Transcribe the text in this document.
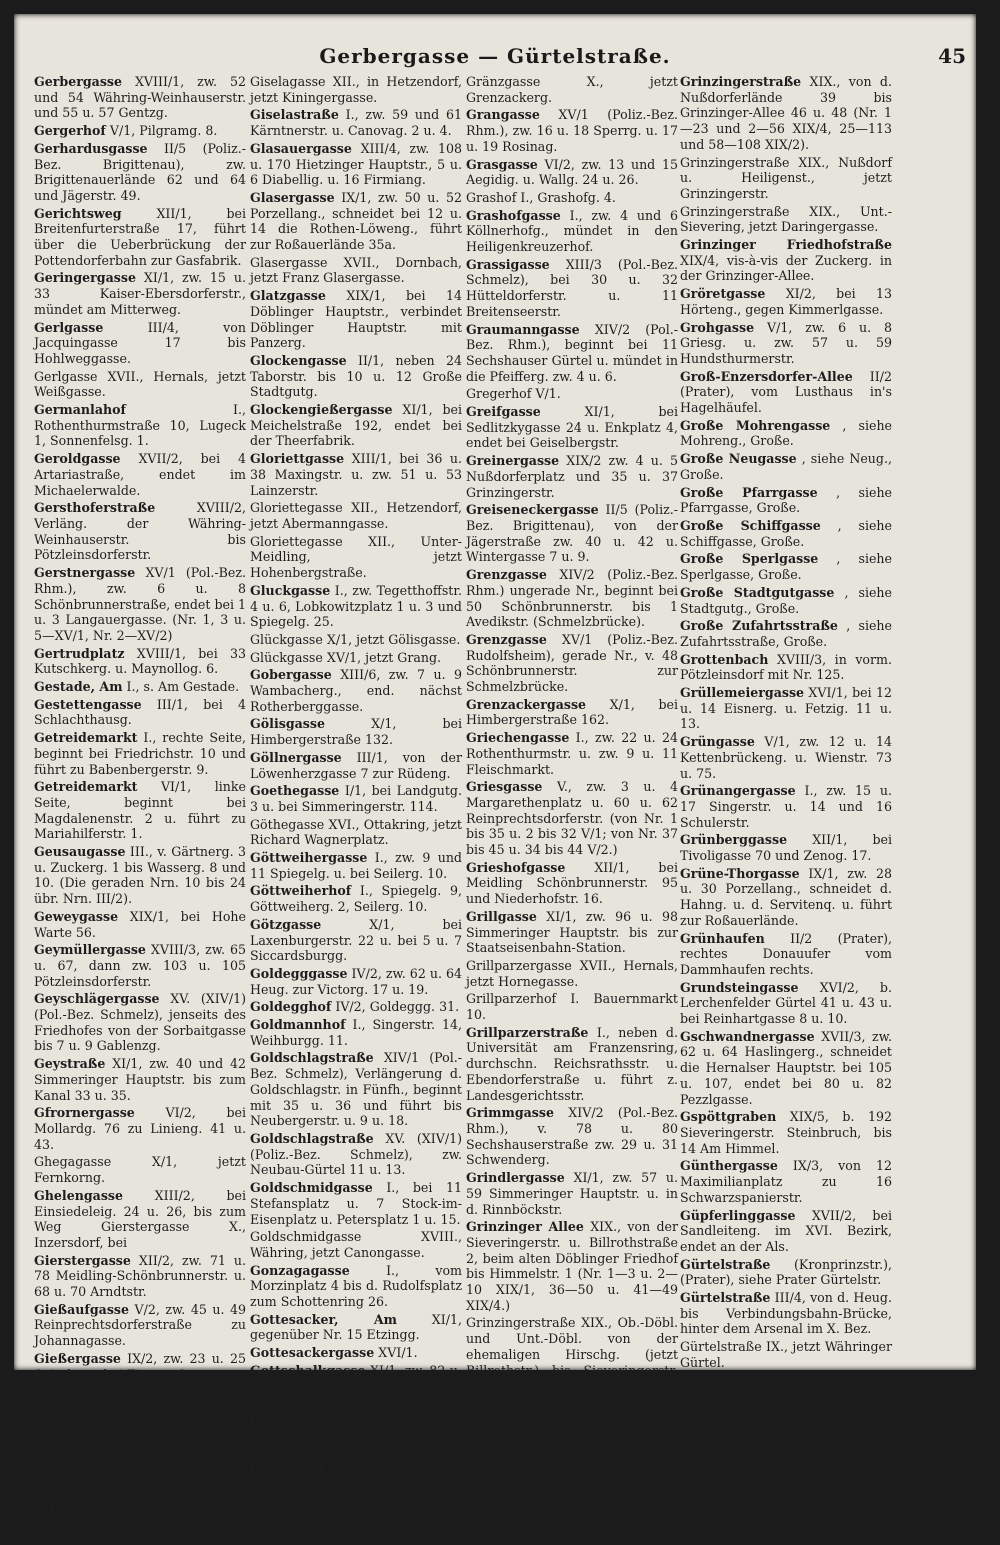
Gerbergasse — Gürtelstraße.	45
Gerbergasse XVIII/1, zw. 52 und 54 Währing-Weinhauserstr. und 55 u. 57 Gentzg.
Gergerhof V/1, Pilgramg. 8.
Gerhardusgasse II/5 (Poliz.-Bez. Brigittenau), zw. Brigittenauerlände 62 und 64 und Jägerstr. 49.
Gerichtsweg	XII/1, bei Breitenfurterstraße 17, führt über die Ueberbrückung der Pottendorferbahn zur Gasfabrik.
Geringergasse XI/1, zw. 15 u. 33 Kaiser-Ebersdorferstr., mündet am Mitterweg.
Gerlgasse	III/4, von Jacquingasse 17 bis Hohlweggasse.
Gerlgasse XVII., Hernals, jetzt Weißgasse.
Germanlahof	I., Rothenthurmstraße 10, Lugeck 1, Sonnenfelsg. 1.
Geroldgasse XVII/2, bei 4 Artariastraße, endet im Michaelerwalde.
Gersthoferstraße	XVIII/2, Verläng. der Währing-Weinhauserstr. bis Pötzleinsdorferstr.
Gerstnergasse XV/1 (Pol.-Bez. Rhm.), zw. 6 u. 8 Schönbrunnerstraße, endet bei 1 u. 3 Langauergasse. (Nr. 1, 3 u. 5—XV/1, Nr. 2—XV/2)
Gertrudplatz XVIII/1, bei 33 Kutschkerg. u. Maynollog. 6.
Gestade, Am I., s. Am Gestade.
Gestettengasse III/1, bei 4 Schlachthausg.
Getreidemarkt I., rechte Seite, beginnt bei Friedrichstr. 10 und führt zu Babenbergerstr. 9.
Getreidemarkt VI/1, linke Seite, beginnt bei Magdalenenstr. 2 u. führt zu Mariahilferstr. 1.
Geusaugasse III., v. Gärtnerg. 3 u. Zuckerg. 1 bis Wasserg. 8 und 10. (Die geraden Nrn. 10 bis 24 übr. Nrn. III/2).
Geweygasse XIX/1, bei Hohe Warte 56.
Geymüllergasse XVIII/3, zw. 65 u. 67, dann zw. 103 u. 105 Pötzleinsdorferstr.
Geyschlägergasse XV. (XIV/1) (Pol.-Bez. Schmelz), jenseits des Friedhofes von der Sorbaitgasse bis 7 u. 9 Gablenzg.
Geystraße XI/1, zw. 40 und 42 Simmeringer Hauptstr. bis zum Kanal 33 u. 35.
Gfrornergasse VI/2, bei Mollardg. 76 zu Linieng. 41 u. 43.
Ghegagasse	X/1, jetzt Fernkorng.
Ghelengasse	XIII/2, bei Einsiedeleig. 24 u. 26, bis zum Weg Gierstergasse X., Inzersdorf, bei
Gierstergasse XII/2, zw. 71 u. 78 Meidling-Schönbrunnerstr. u. 68 u. 70 Arndtstr.
Gießaufgasse V/2, zw. 45 u. 49 Reinprechtsdorferstraße zu Johannagasse.
Gießergasse IX/2, zw. 23 u. 25 Spitalg. u. bei Eiseng. 2.
Gießmannsgasse II/5 (Poliz.-Bez. Brigittenau), zw. Heistergasse u. Rauscherstr. zur Wallensteinstr. und Straußg. 4 u. 6.
Gilmgasse XVII/3, bei 160 Hernalser Hauptstr.
Girzenberggasse XIII/7, bei Angermayerg. 1 u. 2 bis Einsiedeleig. 43.
Giselagasse XII., in Hetzendorf, jetzt Kiningergasse.
Giselastraße I., zw. 59 und 61 Kärntnerstr. u. Canovag. 2 u. 4.
Glasauergasse XIII/4, zw. 108 u. 170 Hietzinger Hauptstr., 5 u. 6 Diabellig. u. 16 Firmiang.
Glasergasse IX/1, zw. 50 u. 52 Porzellang., schneidet bei 12 u. 14 die Rothen-Löweng., führt zur Roßauerlände 35a.
Glasergasse XVII., Dornbach, jetzt Franz Glasergasse.
Glatzgasse XIX/1, bei 14 Döblinger Hauptstr., verbindet Döblinger Hauptstr. mit Panzerg.
Glockengasse II/1, neben 24 Taborstr. bis 10 u. 12 Große Stadtgutg.
Glockengießergasse XI/1, bei Meichelstraße 192, endet bei der Theerfabrik.
Gloriettgasse XIII/1, bei 36 u. 38 Maxingstr. u. zw. 51 u. 53 Lainzerstr.
Gloriettegasse XII., Hetzendorf, jetzt Abermanngasse.
Gloriettegasse XII., Unter-Meidling, jetzt Hohenbergstraße.
Gluckgasse I., zw. Tegetthoffstr. 4 u. 6, Lobkowitzplatz 1 u. 3 und Spiegelg. 25.
Glückgasse X/1, jetzt Gölisgasse.
Glückgasse XV/1, jetzt Grang.
Gobergasse XIII/6, zw. 7 u. 9 Wambacherg., end. nächst Rotherberggasse.
Gölisgasse	X/1, bei Himbergerstraße 132.
Göllnergasse III/1, von der Löwenherzgasse 7 zur Rüdeng.
Goethegasse I/1, bei Landgutg. 3 u. bei Simmeringerstr. 114.
Göthegasse XVI., Ottakring, jetzt Richard Wagnerplatz.
Göttweihergasse I., zw. 9 und 11 Spiegelg. u. bei Seilerg. 10.
Göttweiherhof I., Spiegelg. 9, Göttweiherg. 2, Seilerg. 10.
Götzgasse	X/1, bei Laxenburgerstr. 22 u. bei 5 u. 7 Siccardsburgg.
Goldegggasse IV/2, zw. 62 u. 64 Heug. zur Victorg. 17 u. 19.
Goldegghof IV/2, Goldeggg. 31.
Goldmannhof I., Singerstr. 14, Weihburgg. 11.
Goldschlagstraße XIV/1 (Pol.-Bez. Schmelz), Verlängerung d. Goldschlagstr. in Fünfh., beginnt mit 35 u. 36 und führt bis Neubergerstr. u. 9 u. 18.
Goldschlagstraße XV. (XIV/1) (Poliz.-Bez. Schmelz), zw. Neubau-Gürtel 11 u. 13.
Goldschmidgasse I., bei 11 Stefansplatz u. 7 Stock-im-Eisenplatz u. Petersplatz 1 u. 15.
Goldschmidgasse	XVIII., Währing, jetzt Canongasse.
Gonzagagasse	I., vom Morzinplatz 4 bis d. Rudolfsplatz zum Schottenring 26.
Gottesacker, Am	XI/1, gegenüber Nr. 15 Etzingg.
Gottesackergasse XVI/1.
Gottschalkgasse XI/1, zw. 82 u. 84 Simmeringer Hauptstr., endet bei 35 u. 37 Seblitzkyg.
Graben I., zw. (Stefansplatz) Stock-im-Eisenplatz u. Kohlmarkt.
Grabenhof I., Graben 14.
Grabnergasse	VI/2, Fortsetzung der Webgasse, zw. 97 und 99 Gumpendorferstr.
Gränzgasse	X., jetzt Grenzackerg.
Grangasse XV/1 (Poliz.-Bez. Rhm.), zw. 16 u. 18 Sperrg. u. 17 u. 19 Rosinag.
Grasgasse VI/2, zw. 13 und 15 Aegidig. u. Wallg. 24 u. 26.
Grashof I., Grashofg. 4.
Grashofgasse I., zw. 4 und 6 Köllnerhofg., mündet in den Heiligenkreuzerhof.
Grassigasse XIII/3 (Pol.-Bez. Schmelz), bei 30 u. 32 Hütteldorferstr. u. 11 Breitenseerstr.
Graumanngasse XIV/2 (Pol.-Bez. Rhm.), beginnt bei 11 Sechshauser Gürtel u. mündet in die Pfeifferg. zw. 4 u. 6.
Gregerhof V/1.
Greifgasse	XI/1, bei Sedlitzkygasse 24 u. Enkplatz 4, endet bei Geiselbergstr.
Greinergasse XIX/2 zw. 4 u. 5 Nußdorferplatz und 35 u. 37 Grinzingerstr.
Greiseneckergasse II/5 (Poliz.-Bez. Brigittenau), von der Jägerstraße zw. 40 u. 42 u. Wintergasse 7 u. 9.
Grenzgasse XIV/2 (Poliz.-Bez. Rhm.) ungerade Nr., beginnt bei 50 Schönbrunnerstr. bis 1 Avedikstr. (Schmelzbrücke).
Grenzgasse XV/1 (Poliz.-Bez. Rudolfsheim), gerade Nr., v. 48 Schönbrunnerstr. zur Schmelzbrücke.
Grenzackergasse X/1, bei Himbergerstraße 162.
Griechengasse I., zw. 22 u. 24 Rothenthurmstr. u. zw. 9 u. 11 Fleischmarkt.
Griesgasse V., zw. 3 u. 4 Margarethenplatz u. 60 u. 62 Reinprechtsdorferstr. (von Nr. 1 bis 35 u. 2 bis 32 V/1; von Nr. 37 bis 45 u. 34 bis 44 V/2.)
Grieshofgasse XII/1, bei Meidling Schönbrunnerstr. 95 und Niederhofstr. 16.
Grillgasse XI/1, zw. 96 u. 98 Simmeringer Hauptstr. bis zur Staatseisenbahn-Station.
Grillparzergasse XVII., Hernals, jetzt Hornegasse.
Grillparzerhof I. Bauernmarkt 10.
Grillparzerstraße I., neben d. Universität am Franzensring, durchschn. Reichsrathsstr. u. Ebendorferstraße u. führt z. Landesgerichtsstr.
Grimmgasse XIV/2 (Pol.-Bez. Rhm.), v. 78 u. 80 Sechshauserstraße zw. 29 u. 31 Schwenderg.
Grindlergasse XI/1, zw. 57 u. 59 Simmeringer Hauptstr. u. in d. Rinnböckstr.
Grinzinger Allee XIX., von der Sieveringerstr. u. Billrothstraße 2, beim alten Döblinger Friedhof bis Himmelstr. 1 (Nr. 1—3 u. 2—10 XIX/1, 36—50 u. 41—49 XIX/4.)
Grinzingerstraße XIX., Ob.-Döbl. und Unt.-Döbl. von der ehemaligen Hirschg. (jetzt Billrothstr.) bis Sieveringerstr. jetzt Billrothstr.
Grinzingerstraße XIX., Ob.-Döbl. und U.-Döbl., von d. Sieveringerstr. u. bis jetzt Grinzinger-Allee.
Grinzingerstraße XIX., von d. Nußdorferlände 39 bis Grinzinger-Allee 46 u. 48 (Nr. 1—23 und 2—56 XIX/4, 25—113 und 58—108 XIX/2).
Grinzingerstraße XIX., Nußdorf u. Heiligenst., jetzt Grinzingerstr.
Grinzingerstraße XIX., Unt.-Sievering, jetzt Daringergasse.
Grinzinger Friedhofstraße XIX/4, vis-à-vis der Zuckerg. in der Grinzinger-Allee.
Gröretgasse XI/2, bei 13 Hörteng., gegen Kimmerlgasse.
Grohgasse V/1, zw. 6 u. 8 Griesg. u. zw. 57 u. 59 Hundsthurmerstr.
Groß-Enzersdorfer-Allee II/2 (Prater), vom Lusthaus in's Hagelhäufel.
Große Mohrengasse , siehe Mohreng., Große.
Große Neugasse , siehe Neug., Große.
Große Pfarrgasse , siehe Pfarrgasse, Große.
Große Schiffgasse , siehe Schiffgasse, Große.
Große Sperlgasse , siehe Sperlgasse, Große.
Große Stadtgutgasse , siehe Stadtgutg., Große.
Große Zufahrtsstraße , siehe Zufahrtsstraße, Große.
Grottenbach XVIII/3, in vorm. Pötzleinsdorf mit Nr. 125.
Grüllemeiergasse XVI/1, bei 12 u. 14 Eisnerg. u. Fetzig. 11 u. 13.
Grüngasse V/1, zw. 12 u. 14 Kettenbrückeng. u. Wienstr. 73 u. 75.
Grünangergasse I., zw. 15 u. 17 Singerstr. u. 14 und 16 Schulerstr.
Grünberggasse XII/1, bei Tivoligasse 70 und Zenog. 17.
Grüne-Thorgasse IX/1, zw. 28 u. 30 Porzellang., schneidet d. Hahng. u. d. Servitenq. u. führt zur Roßauerlände.
Grünhaufen II/2 (Prater), rechtes Donauufer vom Dammhaufen rechts.
Grundsteingasse XVI/2, b. Lerchenfelder Gürtel 41 u. 43 u. bei Reinhartgasse 8 u. 10.
Gschwandnergasse XVII/3, zw. 62 u. 64 Haslingerg., schneidet die Hernalser Hauptstr. bei 105 u. 107, endet bei 80 u. 82 Pezzlgasse.
Gspöttgraben XIX/5, b. 192 Sieveringerstr. Steinbruch, bis 14 Am Himmel.
Günthergasse IX/3, von 12 Maximilianplatz zu 16 Schwarzspanierstr.
Güpferlinggasse XVII/2, bei Sandleiteng. im XVI. Bezirk, endet an der Als.
Gürtelstraße (Kronprinzstr.), (Prater), siehe Prater Gürtelstr.
Gürtelstraße III/4, von d. Heug. bis Verbindungsbahn-Brücke, hinter dem Arsenal im X. Bez.
Gürtelstraße IX., jetzt Währinger Gürtel.
Gürtelstraße XI/1, bei 1 Simmeringer Hauptstr. bis 2 Rinnböckstraße.
Gürtelstraße XII., Gaudenzd., jetzt Gaudenzdorfer Gürtel.
